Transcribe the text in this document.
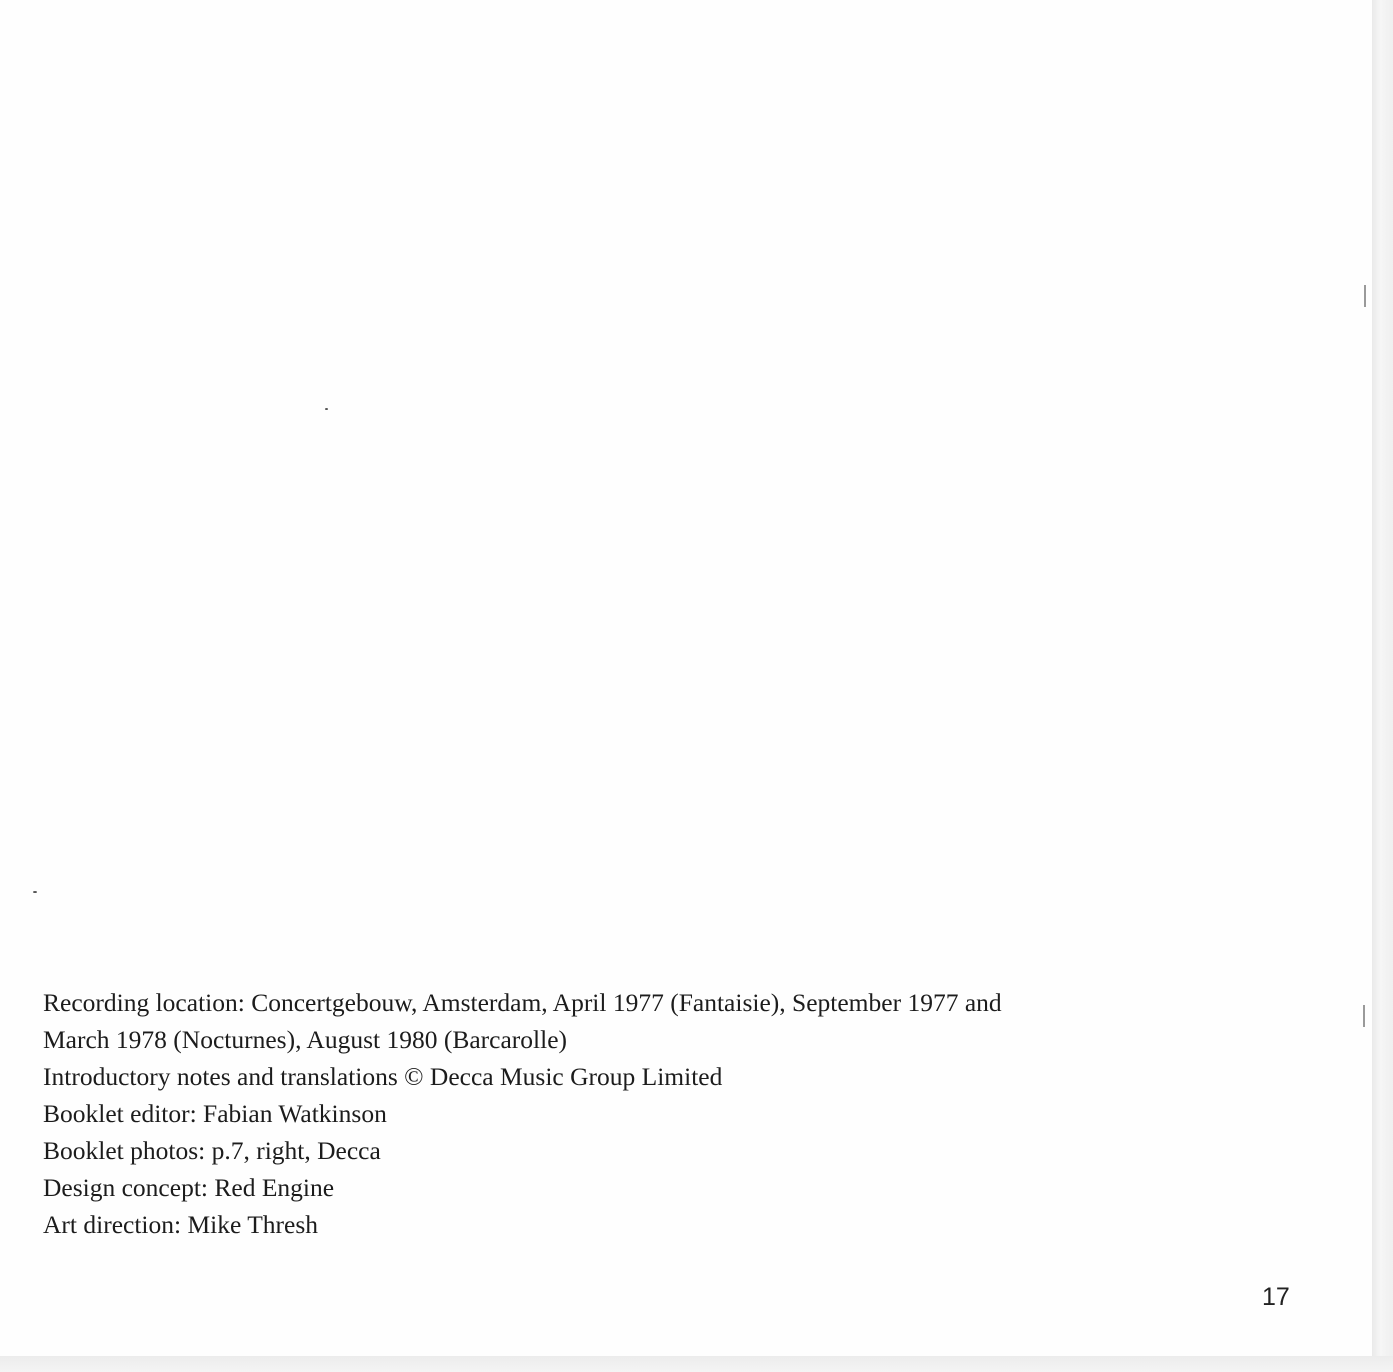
Recording location: Concertgebouw, Amsterdam, April 1977 (Fantaisie), September 1977 and
March 1978 (Nocturnes), August 1980 (Barcarolle)
Introductory notes and translations © Decca Music Group Limited
Booklet editor: Fabian Watkinson
Booklet photos: p.7, right, Decca
Design concept: Red Engine
Art direction: Mike Thresh
17
